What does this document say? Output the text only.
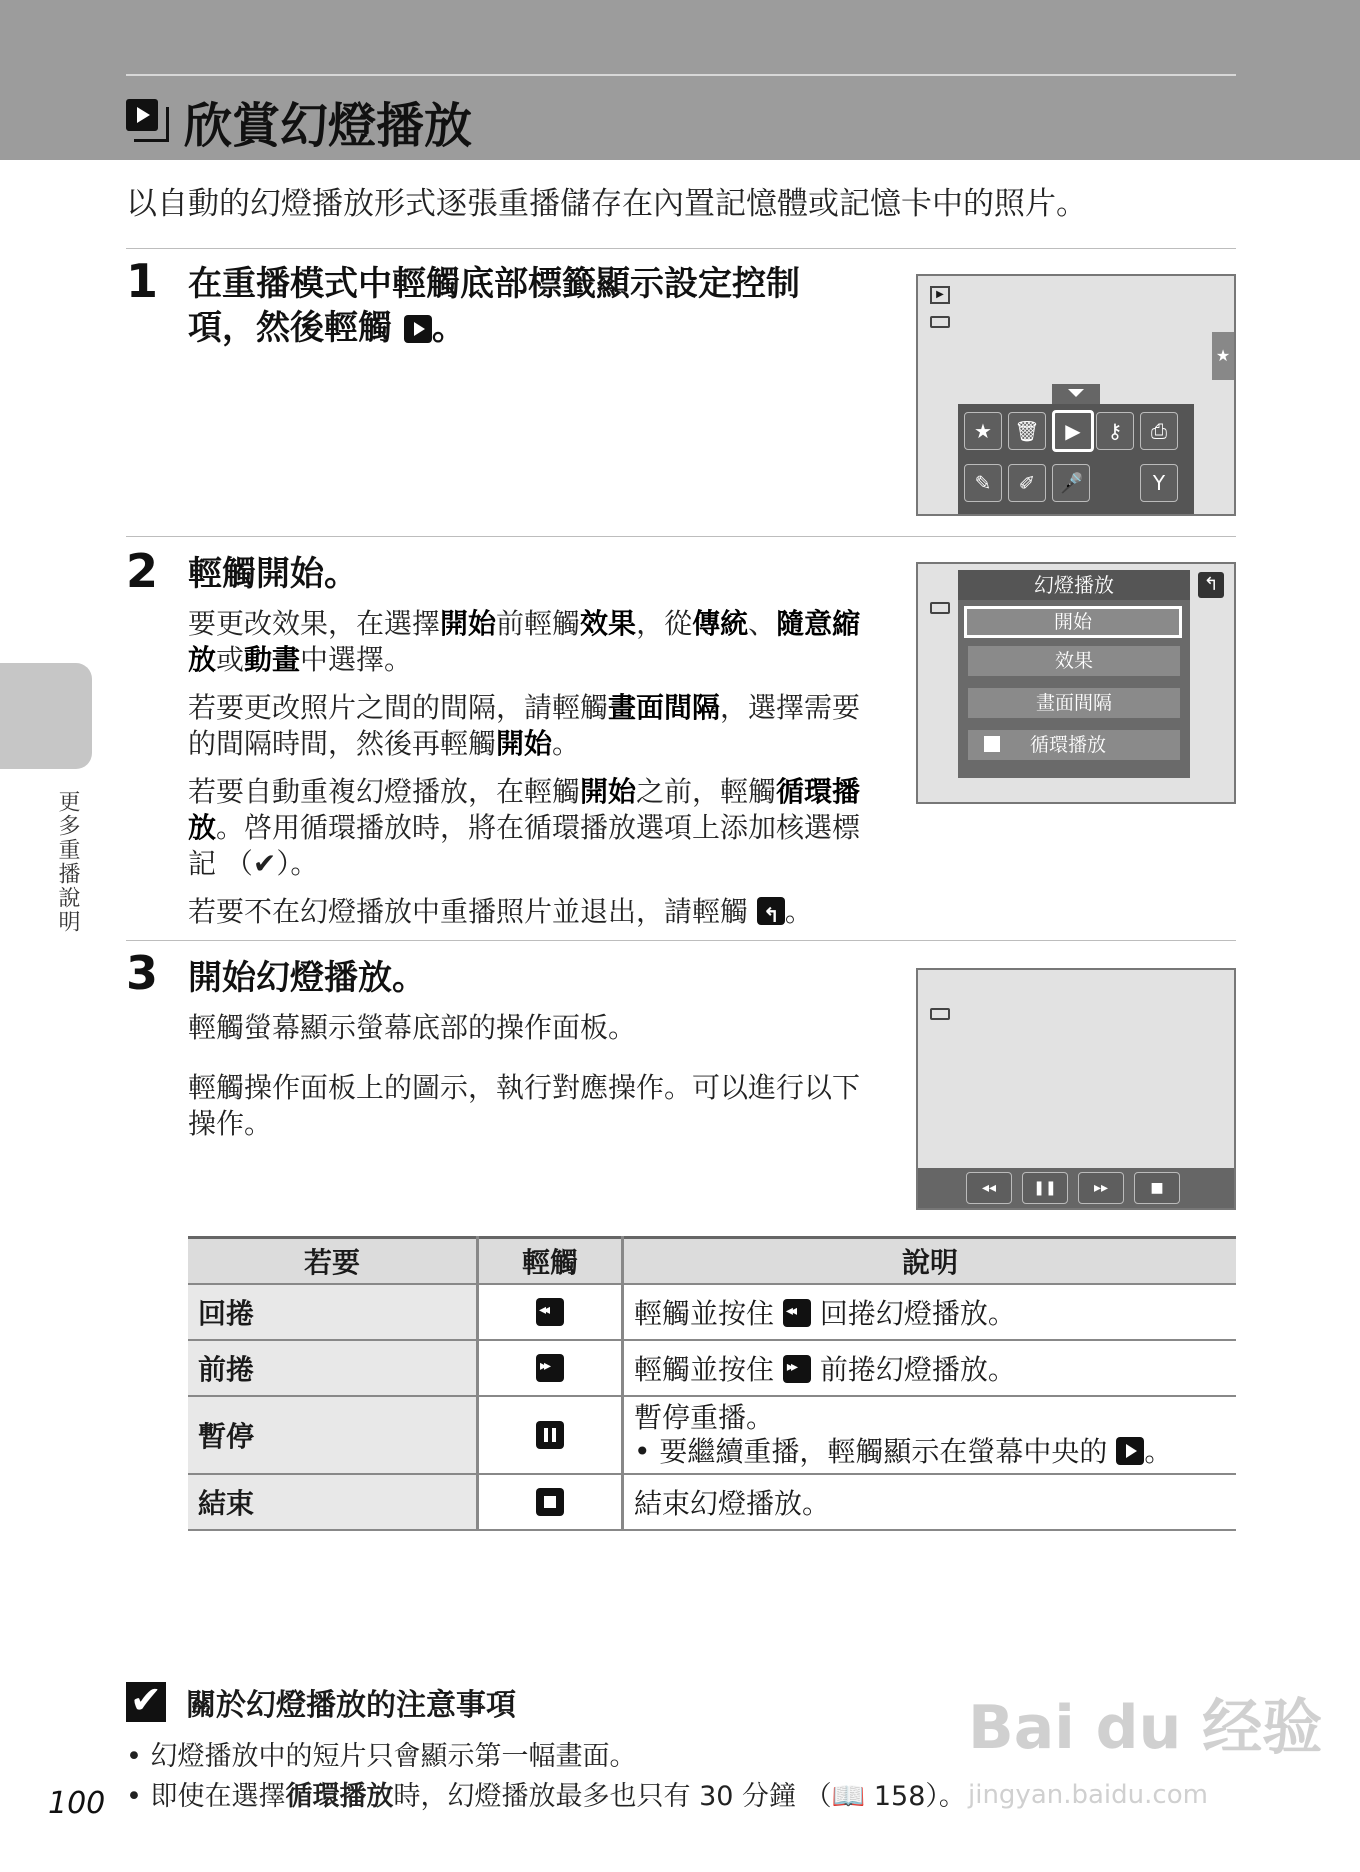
欣賞幻燈播放
以自動的幻燈播放形式逐張重播儲存在內置記憶體或記憶卡中的照片。
更多重播說明
1 在重播模式中輕觸底部標籤顯示設定控制
項，然後輕觸 。
▶
★
★	🗑	▶	⚷	⎙
✎	✐	🎤	Y
2 輕觸開始。
要更改效果，在選擇開始前輕觸效果，從傳統、隨意縮放或動畫中選擇。
若要更改照片之間的間隔，請輕觸畫面間隔，選擇需要的間隔時間，然後再輕觸開始。
若要自動重複幻燈播放，在輕觸開始之前，輕觸循環播放。啓用循環播放時，將在循環播放選項上添加核選標記 （✔）。
若要不在幻燈播放中重播照片並退出，請輕觸 ↰ 。
幻燈播放	↰
開始
效果
畫面間隔
循環播放
3 開始幻燈播放。
輕觸螢幕顯示螢幕底部的操作面板。
輕觸操作面板上的圖示，執行對應操作。可以進行以下操作。
◂◂	❚❚	▸▸	■
若要	輕觸	說明
回捲	◂◂	輕觸並按住 ◂◂ 回捲幻燈播放。
前捲	▸▸	輕觸並按住 ▸▸ 前捲幻燈播放。
暫停		暫停重播。
• 要繼續重播，輕觸顯示在螢幕中央的 。

結束		結束幻燈播放。
✔
關於幻燈播放的注意事項
• 幻燈播放中的短片只會顯示第一幅畫面。
• 即使在選擇循環播放時，幻燈播放最多也只有 30 分鐘 （📖 158）。
100
Bai du 经验
jingyan.baidu.com
